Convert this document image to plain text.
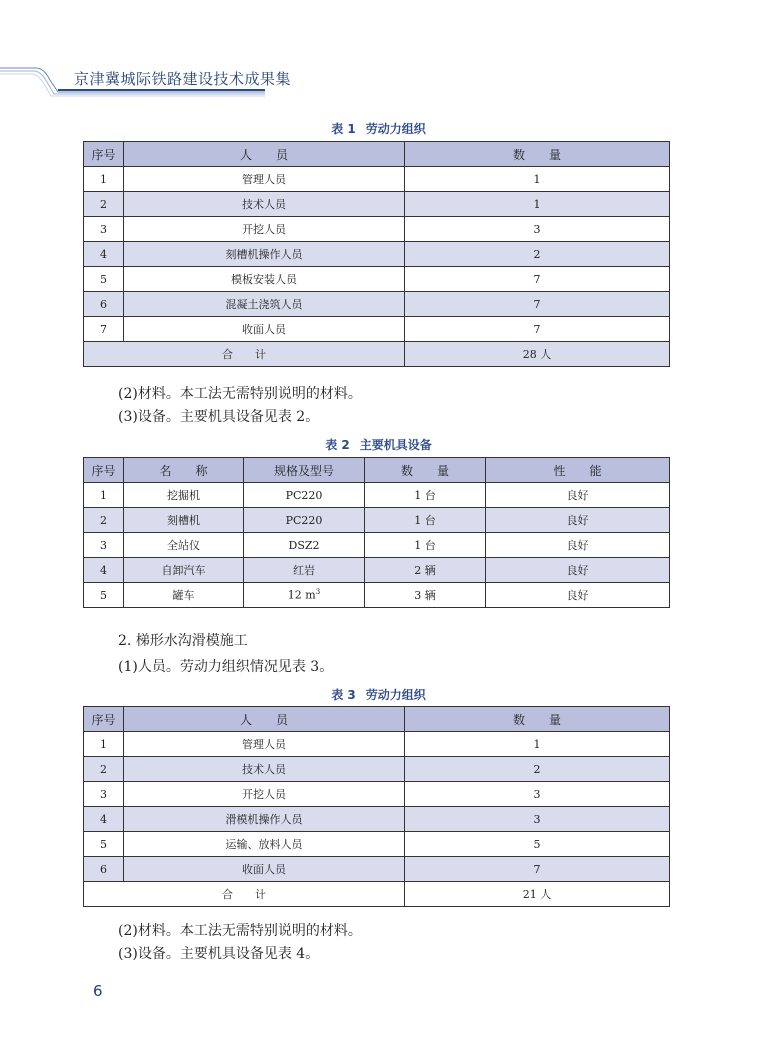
京津冀城际铁路建设技术成果集
表 1 劳动力组织
序号	人　　员	数　　量
1	管理人员	1
2	技术人员	1
3	开挖人员	3
4	刻槽机操作人员	2
5	模板安装人员	7
6	混凝土浇筑人员	7
7	收面人员	7
合　　计		28 人
(2)材料。本工法无需特别说明的材料。
(3)设备。主要机具设备见表 2。
表 2 主要机具设备
序号	名　　称	规格及型号	数　　量	性　　能
1	挖掘机	PC220	1 台	良好
2	刻槽机	PC220	1 台	良好
3	全站仪	DSZ2	1 台	良好
4	自卸汽车	红岩	2 辆	良好
5	罐车	12 $m^3$	3 辆	良好
2. 梯形水沟滑模施工
(1)人员。劳动力组织情况见表 3。
表 3 劳动力组织
序号	人　　员	数　　量
1	管理人员	1
2	技术人员	2
3	开挖人员	3
4	滑模机操作人员	3
5	运输、放料人员	5
6	收面人员	7
合　　计		21 人
(2)材料。本工法无需特别说明的材料。
(3)设备。主要机具设备见表 4。
6
